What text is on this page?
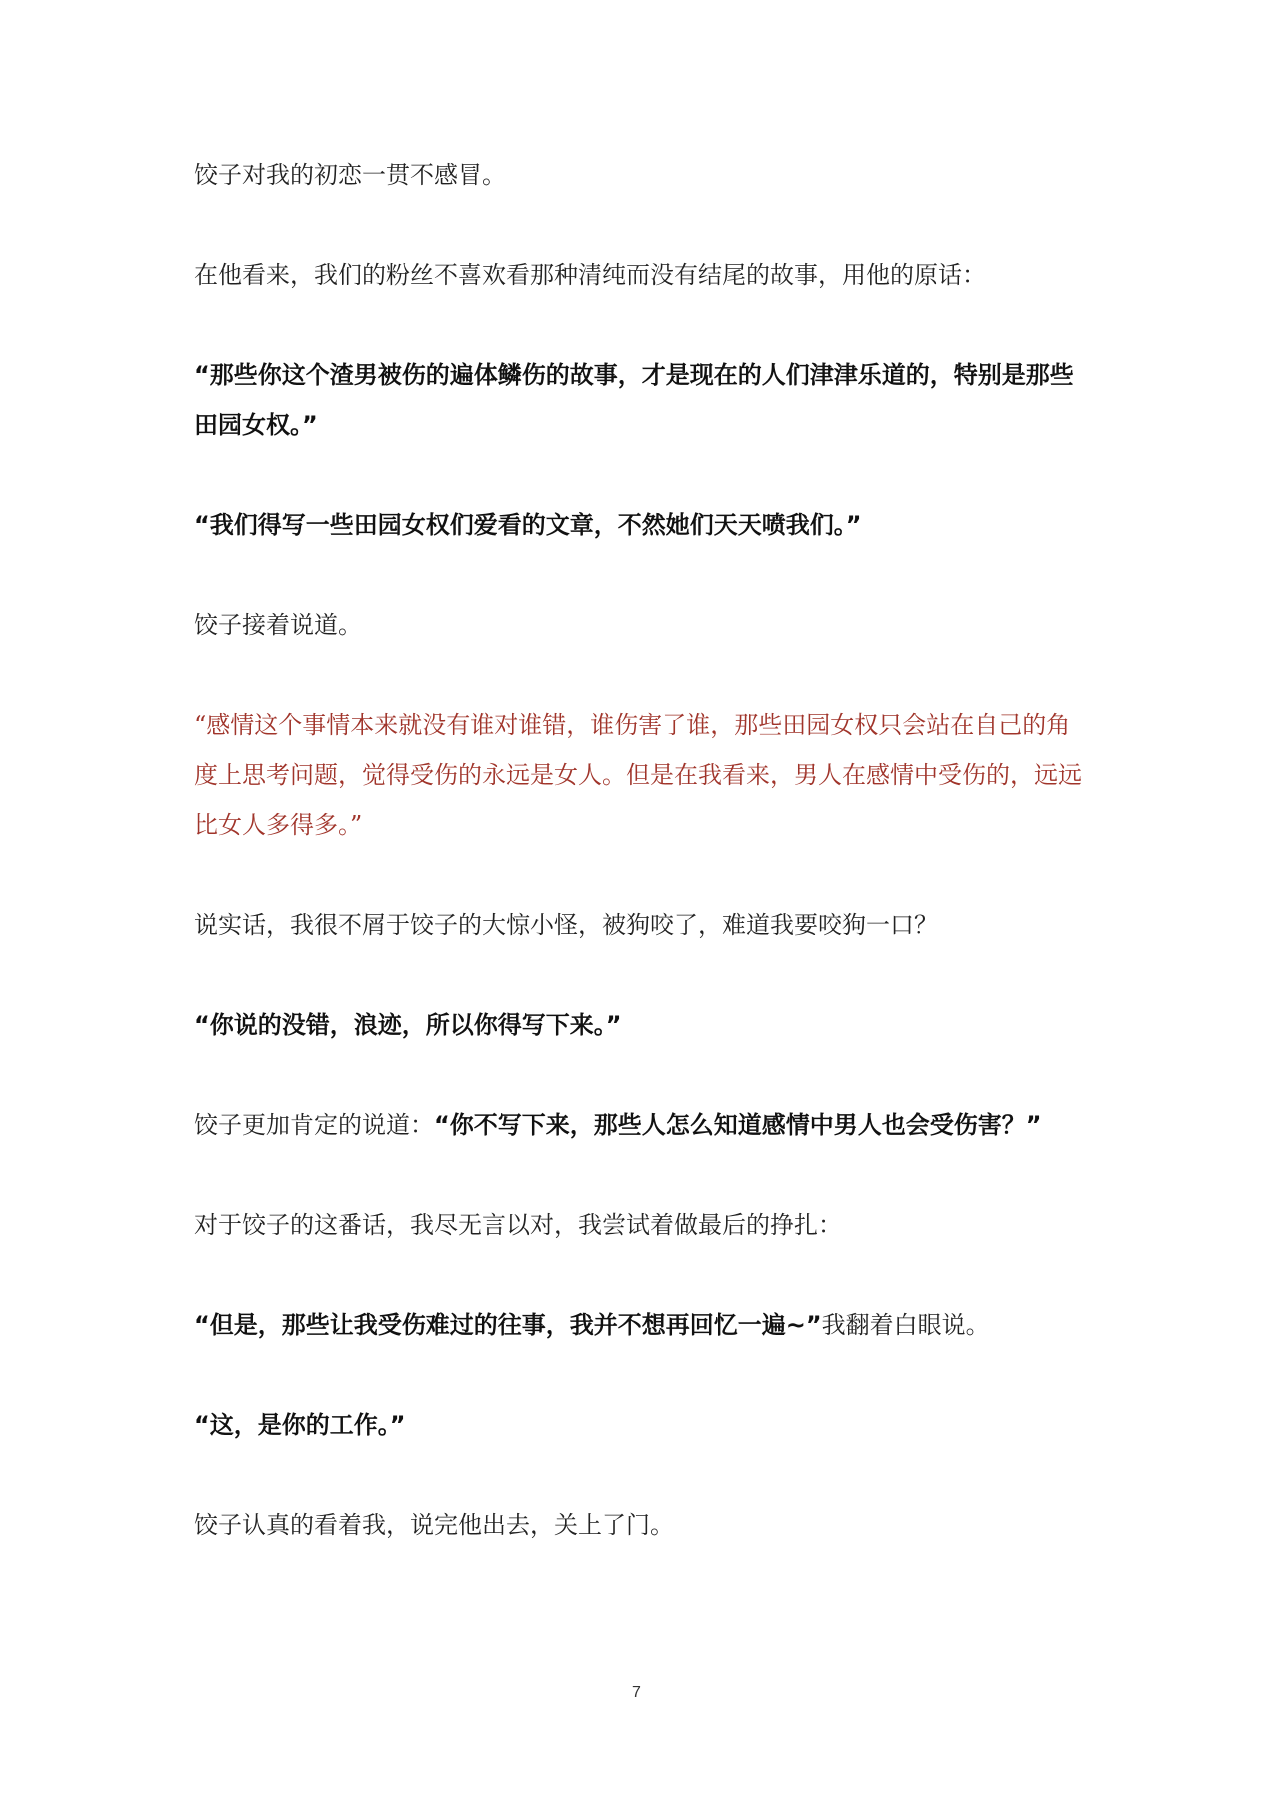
饺子对我的初恋一贯不感冒。

在他看来，我们的粉丝不喜欢看那种清纯而没有结尾的故事，用他的原话：

“那些你这个渣男被伤的遍体鳞伤的故事，才是现在的人们津津乐道的，特别是那些田园女权。”

“我们得写一些田园女权们爱看的文章，不然她们天天喷我们。”

饺子接着说道。

“感情这个事情本来就没有谁对谁错，谁伤害了谁，那些田园女权只会站在自己的角度上思考问题，觉得受伤的永远是女人。但是在我看来，男人在感情中受伤的，远远比女人多得多。”

说实话，我很不屑于饺子的大惊小怪，被狗咬了，难道我要咬狗一口？

“你说的没错，浪迹，所以你得写下来。”

饺子更加肯定的说道：“你不写下来，那些人怎么知道感情中男人也会受伤害？”

对于饺子的这番话，我尽无言以对，我尝试着做最后的挣扎：

“但是，那些让我受伤难过的往事，我并不想再回忆一遍~”我翻着白眼说。

“这，是你的工作。”

饺子认真的看着我，说完他出去，关上了门。

7
